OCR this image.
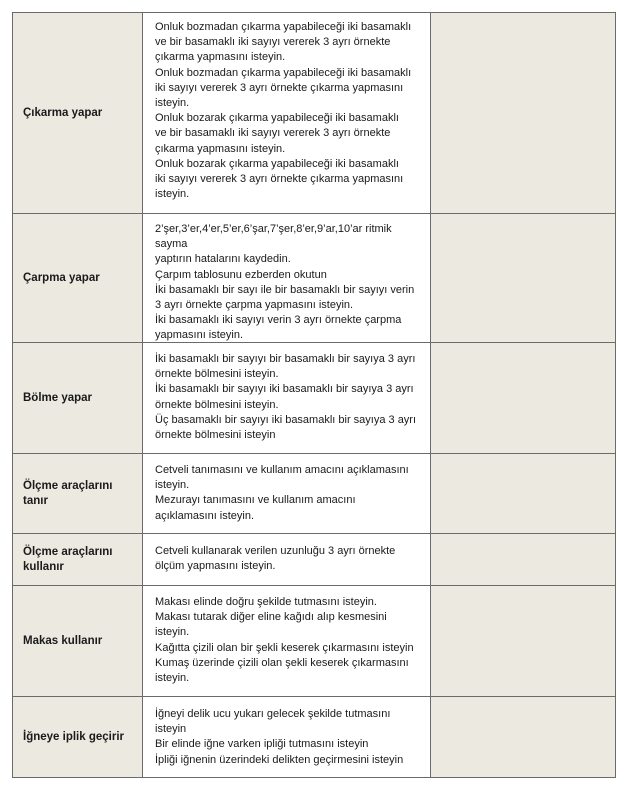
Çıkarma yapar

Onluk bozmadan çıkarma yapabileceği iki basamaklı
ve bir basamaklı iki sayıyı vererek 3 ayrı örnekte
çıkarma yapmasını isteyin.

Onluk bozmadan çıkarma yapabileceği iki basamaklı
iki sayıyı vererek 3 ayrı örnekte çıkarma yapmasını
isteyin.

Onluk bozarak çıkarma yapabileceği iki basamaklı
ve bir basamaklı iki sayıyı vererek 3 ayrı örnekte
çıkarma yapmasını isteyin.

Onluk bozarak çıkarma yapabileceği iki basamaklı
iki sayıyı vererek 3 ayrı örnekte çıkarma yapmasını
isteyin.

Çarpma yapar

2’şer,3’er,4’er,5’er,6’şar,7’şer,8’er,9’ar,10’ar ritmik sayma
yaptırın hatalarını kaydedin.

Çarpım tablosunu ezberden okutun

İki basamaklı bir sayı ile bir basamaklı bir sayıyı verin
3 ayrı örnekte çarpma yapmasını isteyin.

İki basamaklı iki sayıyı verin 3 ayrı örnekte çarpma
yapmasını isteyin.

Bölme yapar

İki basamaklı bir sayıyı bir basamaklı bir sayıya 3 ayrı
örnekte bölmesini isteyin.

İki basamaklı bir sayıyı iki basamaklı bir sayıya 3 ayrı
örnekte bölmesini isteyin.

Üç basamaklı bir sayıyı iki basamaklı bir sayıya 3 ayrı
örnekte bölmesini isteyin

Ölçme araçlarını
tanır

Cetveli tanımasını ve kullanım amacını açıklamasını
isteyin.

Mezurayı tanımasını ve kullanım amacını
açıklamasını isteyin.

Ölçme araçlarını
kullanır

Cetveli kullanarak verilen uzunluğu 3 ayrı örnekte
ölçüm yapmasını isteyin.

Makas kullanır

Makası elinde doğru şekilde tutmasını isteyin.

Makası tutarak diğer eline kağıdı alıp kesmesini
isteyin.

Kağıtta çizili olan bir şekli keserek çıkarmasını isteyin

Kumaş üzerinde çizili olan şekli keserek çıkarmasını
isteyin.

İğneye iplik geçirir

İğneyi delik ucu yukarı gelecek şekilde tutmasını
isteyin

Bir elinde iğne varken ipliği tutmasını isteyin

İpliği iğnenin üzerindeki delikten geçirmesini isteyin
